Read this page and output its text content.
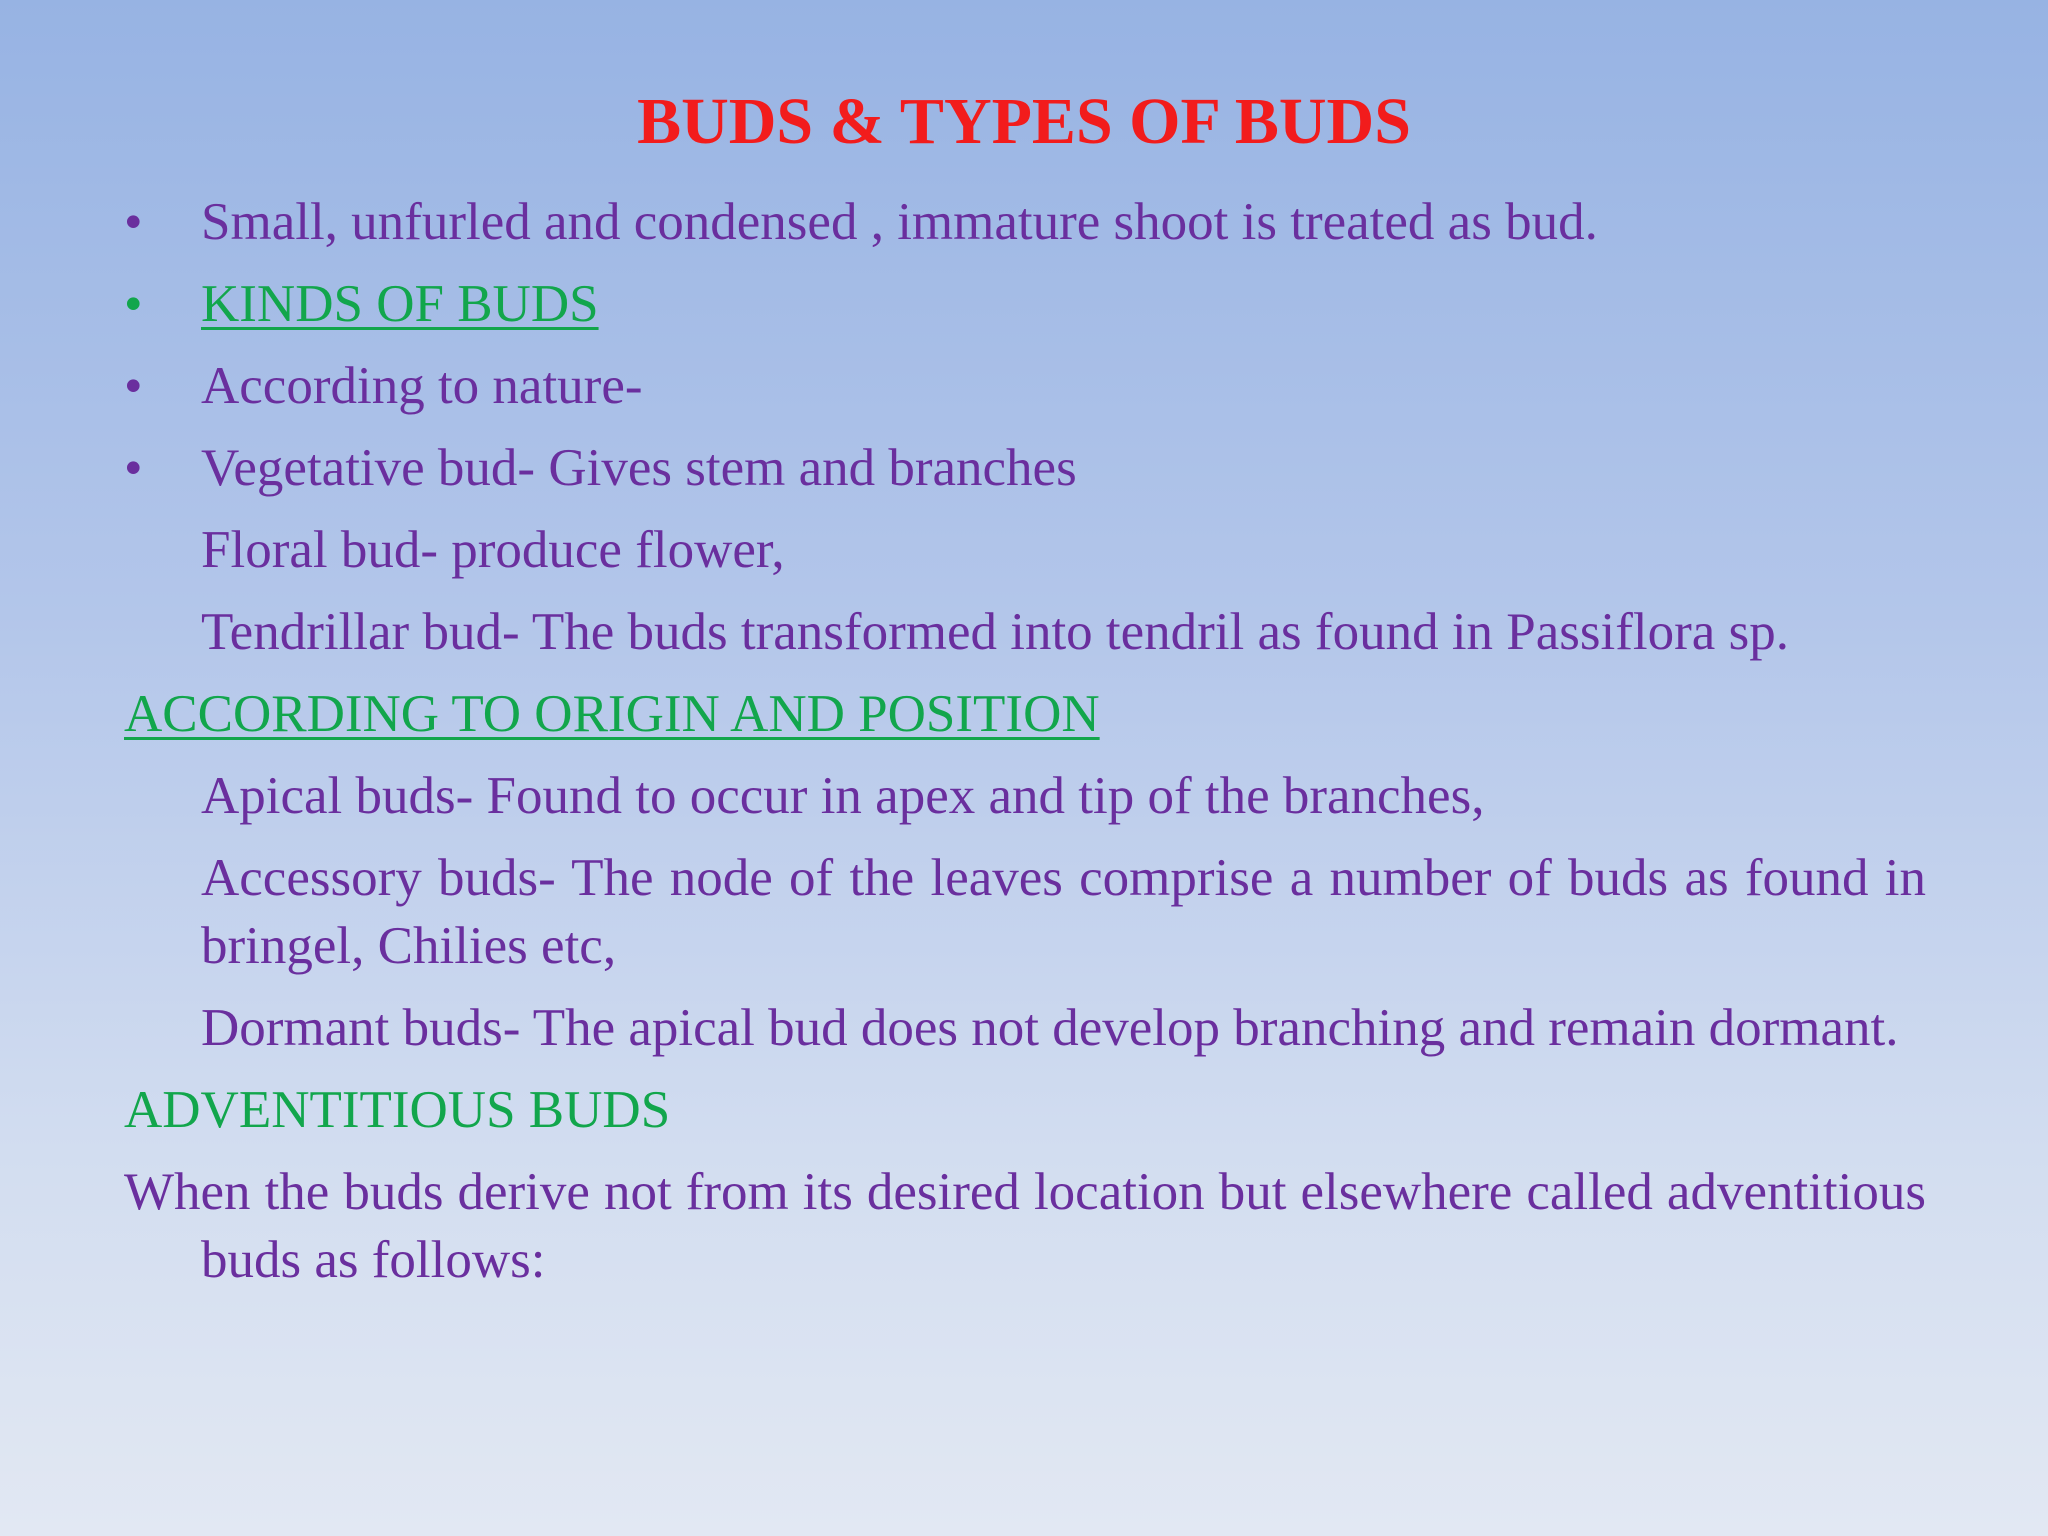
BUDS & TYPES OF BUDS
• Small, unfurled and condensed , immature shoot is treated as bud.
• KINDS OF BUDS
• According to nature-
• Vegetative bud- Gives stem and branches
Floral bud- produce flower,
Tendrillar bud- The buds transformed into tendril as found in Passiflora sp.
ACCORDING TO ORIGIN AND POSITION
Apical buds- Found to occur in apex and tip of the branches,
Accessory buds- The node of the leaves comprise a number of buds as found in bringel, Chilies etc,
Dormant buds- The apical bud does not develop branching and remain dormant.
ADVENTITIOUS BUDS
When the buds derive not from its desired location but elsewhere called adventitious buds as follows:
